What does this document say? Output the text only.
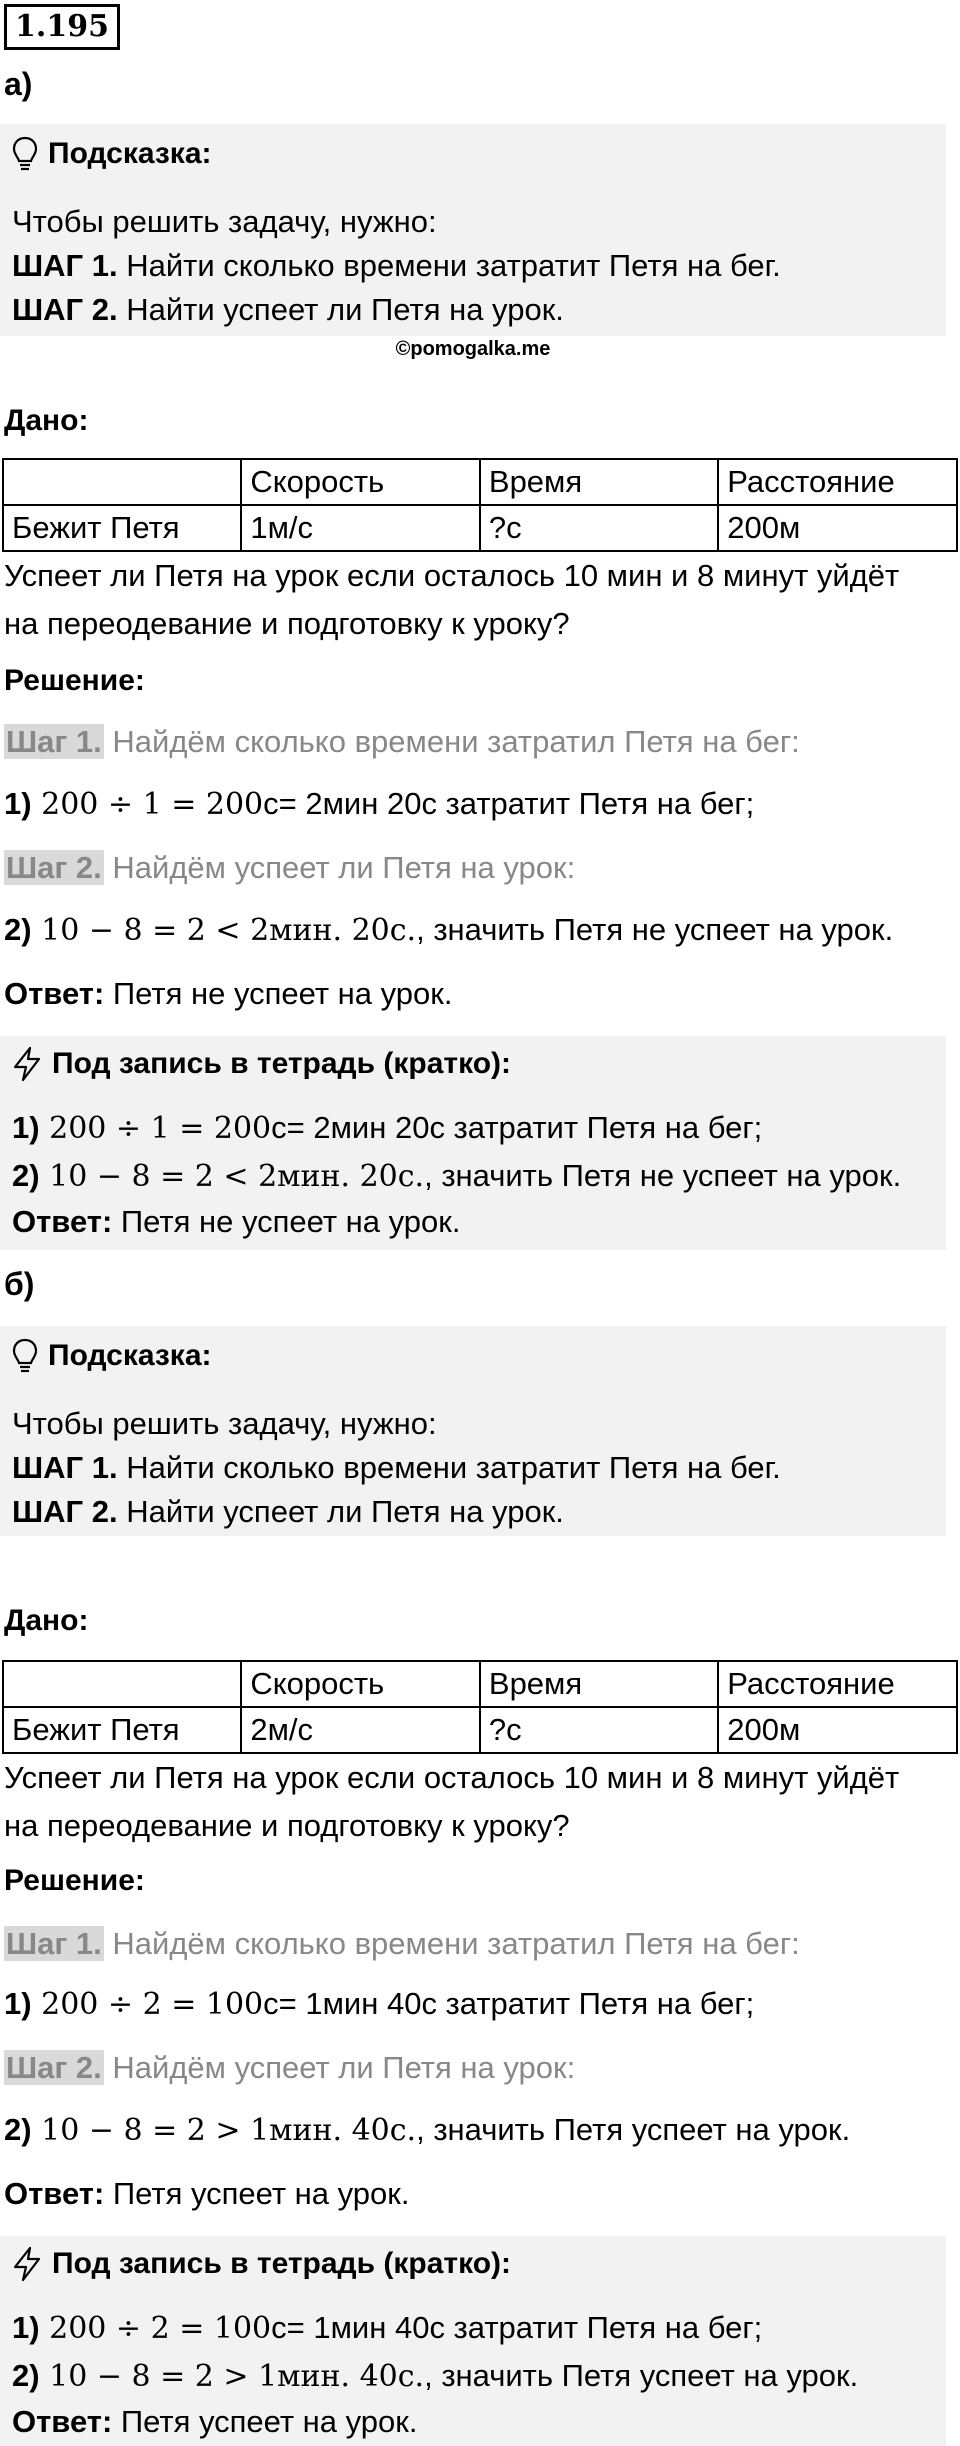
1.195
а)
Подсказка:
Чтобы решить задачу, нужно:
ШАГ 1. Найти сколько времени затратит Петя на бег.
ШАГ 2. Найти успеет ли Петя на урок.
©pomogalka.me
Дано:
	Скорость	Время	Расстояние
Бежит Петя	1м/с	?с	200м
Успеет ли Петя на урок если осталось 10 мин и 8 минут уйдёт
на переодевание и подготовку к уроку?
Решение:
Шаг 1. Найдём сколько времени затратил Петя на бег:
1) 200 ÷ 1 = 200с= 2мин 20с затратит Петя на бег;
Шаг 2. Найдём успеет ли Петя на урок:
2) 10 − 8 = 2 < 2мин. 20с., значить Петя не успеет на урок.
Ответ: Петя не успеет на урок.
Под запись в тетрадь (кратко):
1) 200 ÷ 1 = 200с= 2мин 20с затратит Петя на бег;
2) 10 − 8 = 2 < 2мин. 20с., значить Петя не успеет на урок.
Ответ: Петя не успеет на урок.
б)
Подсказка:
Чтобы решить задачу, нужно:
ШАГ 1. Найти сколько времени затратит Петя на бег.
ШАГ 2. Найти успеет ли Петя на урок.
Дано:
	Скорость	Время	Расстояние
Бежит Петя	2м/с	?с	200м
Успеет ли Петя на урок если осталось 10 мин и 8 минут уйдёт
на переодевание и подготовку к уроку?
Решение:
Шаг 1. Найдём сколько времени затратил Петя на бег:
1) 200 ÷ 2 = 100с= 1мин 40с затратит Петя на бег;
Шаг 2. Найдём успеет ли Петя на урок:
2) 10 − 8 = 2 > 1мин. 40с., значить Петя успеет на урок.
Ответ: Петя успеет на урок.
Под запись в тетрадь (кратко):
1) 200 ÷ 2 = 100с= 1мин 40с затратит Петя на бег;
2) 10 − 8 = 2 > 1мин. 40с., значить Петя успеет на урок.
Ответ: Петя успеет на урок.
